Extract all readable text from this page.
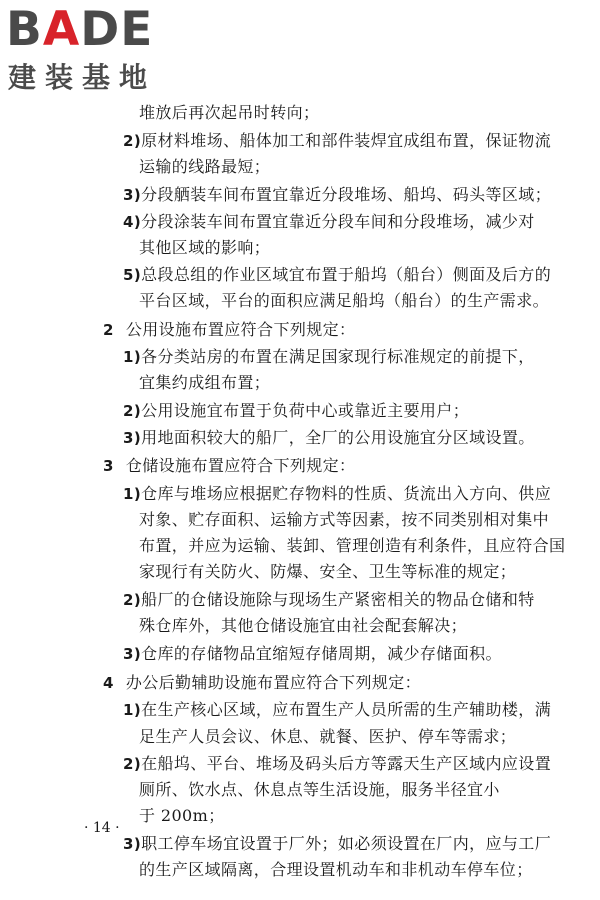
BADE
建装基地
堆放后再次起吊时转向；
2)原材料堆场、船体加工和部件装焊宜成组布置，保证物流
运输的线路最短；
3)分段舾装车间布置宜靠近分段堆场、船坞、码头等区域；
4)分段涂装车间布置宜靠近分段车间和分段堆场，减少对
其他区域的影响；
5)总段总组的作业区域宜布置于船坞（船台）侧面及后方的
平台区域，平台的面积应满足船坞（船台）的生产需求。
2 公用设施布置应符合下列规定：
1)各分类站房的布置在满足国家现行标准规定的前提下，
宜集约成组布置；
2)公用设施宜布置于负荷中心或靠近主要用户；
3)用地面积较大的船厂，全厂的公用设施宜分区域设置。
3 仓储设施布置应符合下列规定：
1)仓库与堆场应根据贮存物料的性质、货流出入方向、供应
对象、贮存面积、运输方式等因素，按不同类别相对集中
布置，并应为运输、装卸、管理创造有利条件，且应符合国
家现行有关防火、防爆、安全、卫生等标准的规定；
2)船厂的仓储设施除与现场生产紧密相关的物品仓储和特
殊仓库外，其他仓储设施宜由社会配套解决；
3)仓库的存储物品宜缩短存储周期，减少存储面积。
4 办公后勤辅助设施布置应符合下列规定：
1)在生产核心区域，应布置生产人员所需的生产辅助楼，满
足生产人员会议、休息、就餐、医护、停车等需求；
2)在船坞、平台、堆场及码头后方等露天生产区域内应设置
厕所、饮水点、休息点等生活设施，服务半径宜小
于 200m；
3)职工停车场宜设置于厂外；如必须设置在厂内，应与工厂
的生产区域隔离，合理设置机动车和非机动车停车位；
· 14 ·
